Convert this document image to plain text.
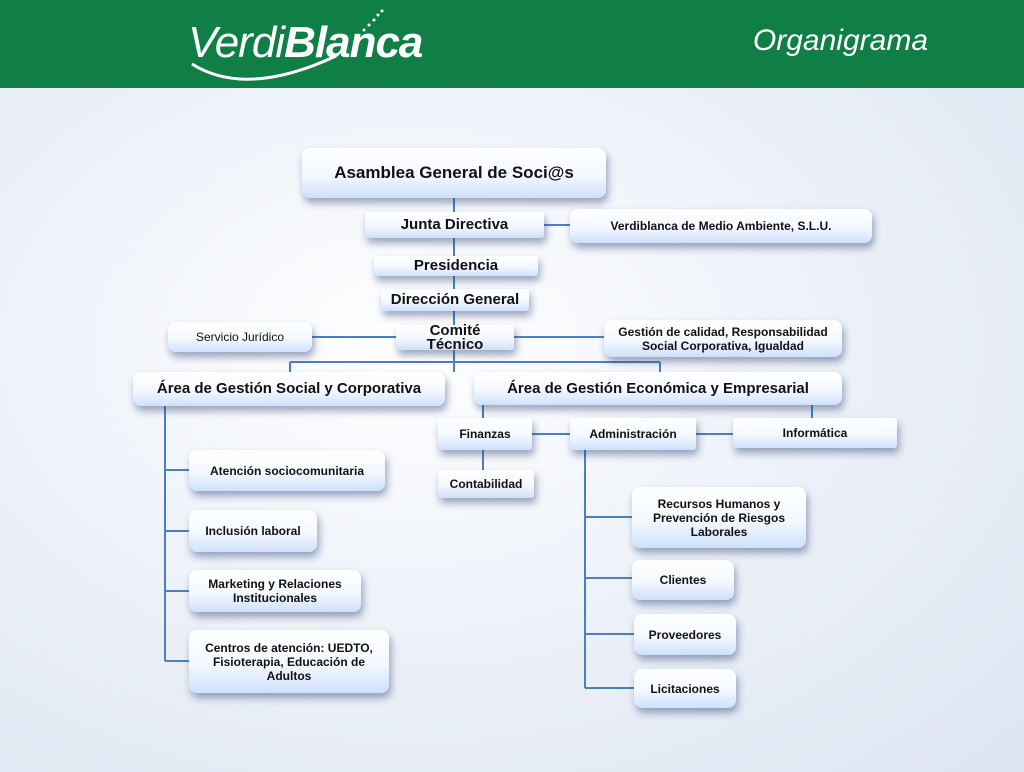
VerdiBlanca	Organigrama
Asamblea General de Soci@s
Junta Directiva	Verdiblanca de Medio Ambiente, S.L.U.
Presidencia
Dirección General
Comité Técnico
Servicio Jurídico	Gestión de calidad, Responsabilidad Social Corporativa, Igualdad
Área de Gestión Social y Corporativa	Área de Gestión Económica y Empresarial
Finanzas
Contabilidad
Administración	Informática
Atención sociocomunitaria
Inclusión laboral
Marketing y Relaciones Institucionales
Centros de atención: UEDTO, Fisioterapia, Educación de Adultos
Recursos Humanos y Prevención de Riesgos Laborales
Clientes
Proveedores
Licitaciones
